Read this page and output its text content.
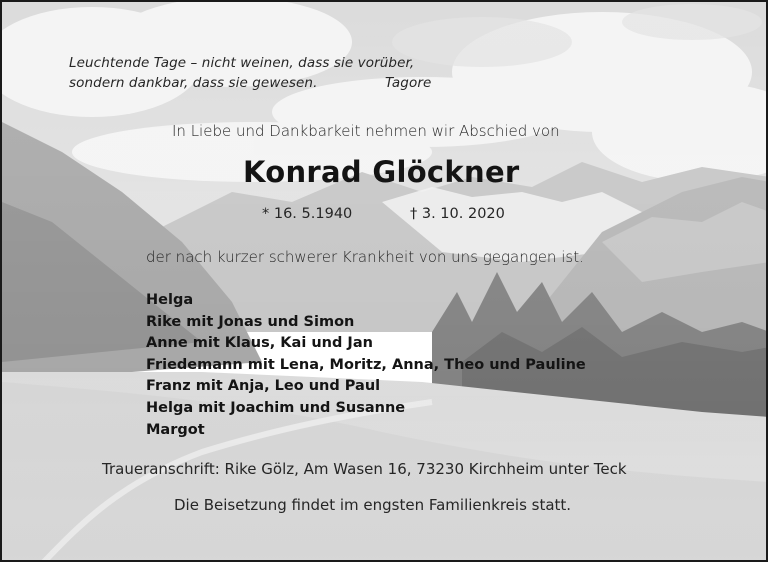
Leuchtende Tage – nicht weinen, dass sie vorüber,
sondern dankbar, dass sie gewesen.	Tagore
In Liebe und Dankbarkeit nehmen wir Abschied von
Konrad Glöckner
* 16. 5.1940	† 3. 10. 2020
der nach kurzer schwerer Krankheit von uns gegangen ist.
Helga
Rike mit Jonas und Simon
Anne mit Klaus, Kai und Jan
Friedemann mit Lena, Moritz, Anna, Theo und Pauline
Franz mit Anja, Leo und Paul
Helga mit Joachim und Susanne
Margot
Traueranschrift: Rike Gölz, Am Wasen 16, 73230 Kirchheim unter Teck
Die Beisetzung findet im engsten Familienkreis statt.
